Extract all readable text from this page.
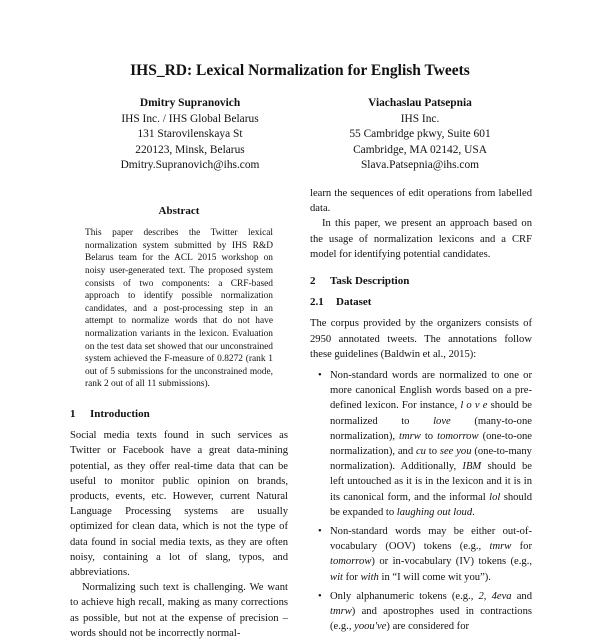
IHS_RD: Lexical Normalization for English Tweets
Dmitry Supranovich
IHS Inc. / IHS Global Belarus
131 Starovilenskaya St
220123, Minsk, Belarus
Dmitry.Supranovich@ihs.com
Viachaslau Patsepnia
IHS Inc.
55 Cambridge pkwy, Suite 601
Cambridge, MA 02142, USA
Slava.Patsepnia@ihs.com
Abstract

This paper describes the Twitter lexical normalization system submitted by IHS R&D Belarus team for the ACL 2015 workshop on noisy user-generated text. The proposed system consists of two components: a CRF-based approach to identify possible normalization candidates, and a post-processing step in an attempt to normalize words that do not have normalization variants in the lexicon. Evaluation on the test data set showed that our unconstrained system achieved the F-measure of 0.8272 (rank 1 out of 5 submissions for the unconstrained mode, rank 2 out of all 11 submissions).

1 Introduction

Social media texts found in such services as Twitter or Facebook have a great data-mining potential, as they offer real-time data that can be useful to monitor public opinion on brands, products, events, etc. However, current Natural Language Processing systems are usually optimized for clean data, which is not the type of data found in social media texts, as they are often noisy, containing a lot of slang, typos, and abbreviations.

Normalizing such text is challenging. We want to achieve high recall, making as many corrections as possible, but not at the expense of precision – words should not be incorrectly normal-

learn the sequences of edit operations from labelled data.

In this paper, we present an approach based on the usage of normalization lexicons and a CRF model for identifying potential candidates.

2 Task Description
2.1 Dataset

The corpus provided by the organizers consists of 2950 annotated tweets. The annotations follow these guidelines (Baldwin et al., 2015):

• Non-standard words are normalized to one or more canonical English words based on a pre-defined lexicon. For instance, l o v e should be normalized to love (many-to-one normalization), tmrw to tomorrow (one-to-one normalization), and cu to see you (one-to-many normalization). Additionally, IBM should be left untouched as it is in the lexicon and it is in its canonical form, and the informal lol should be expanded to laughing out loud.
• Non-standard words may be either out-of-vocabulary (OOV) tokens (e.g., tmrw for tomorrow) or in-vocabulary (IV) tokens (e.g., wit for with in “I will come wit you”).
• Only alphanumeric tokens (e.g., 2, 4eva and tmrw) and apostrophes used in contractions (e.g., yoou've) are considered for
